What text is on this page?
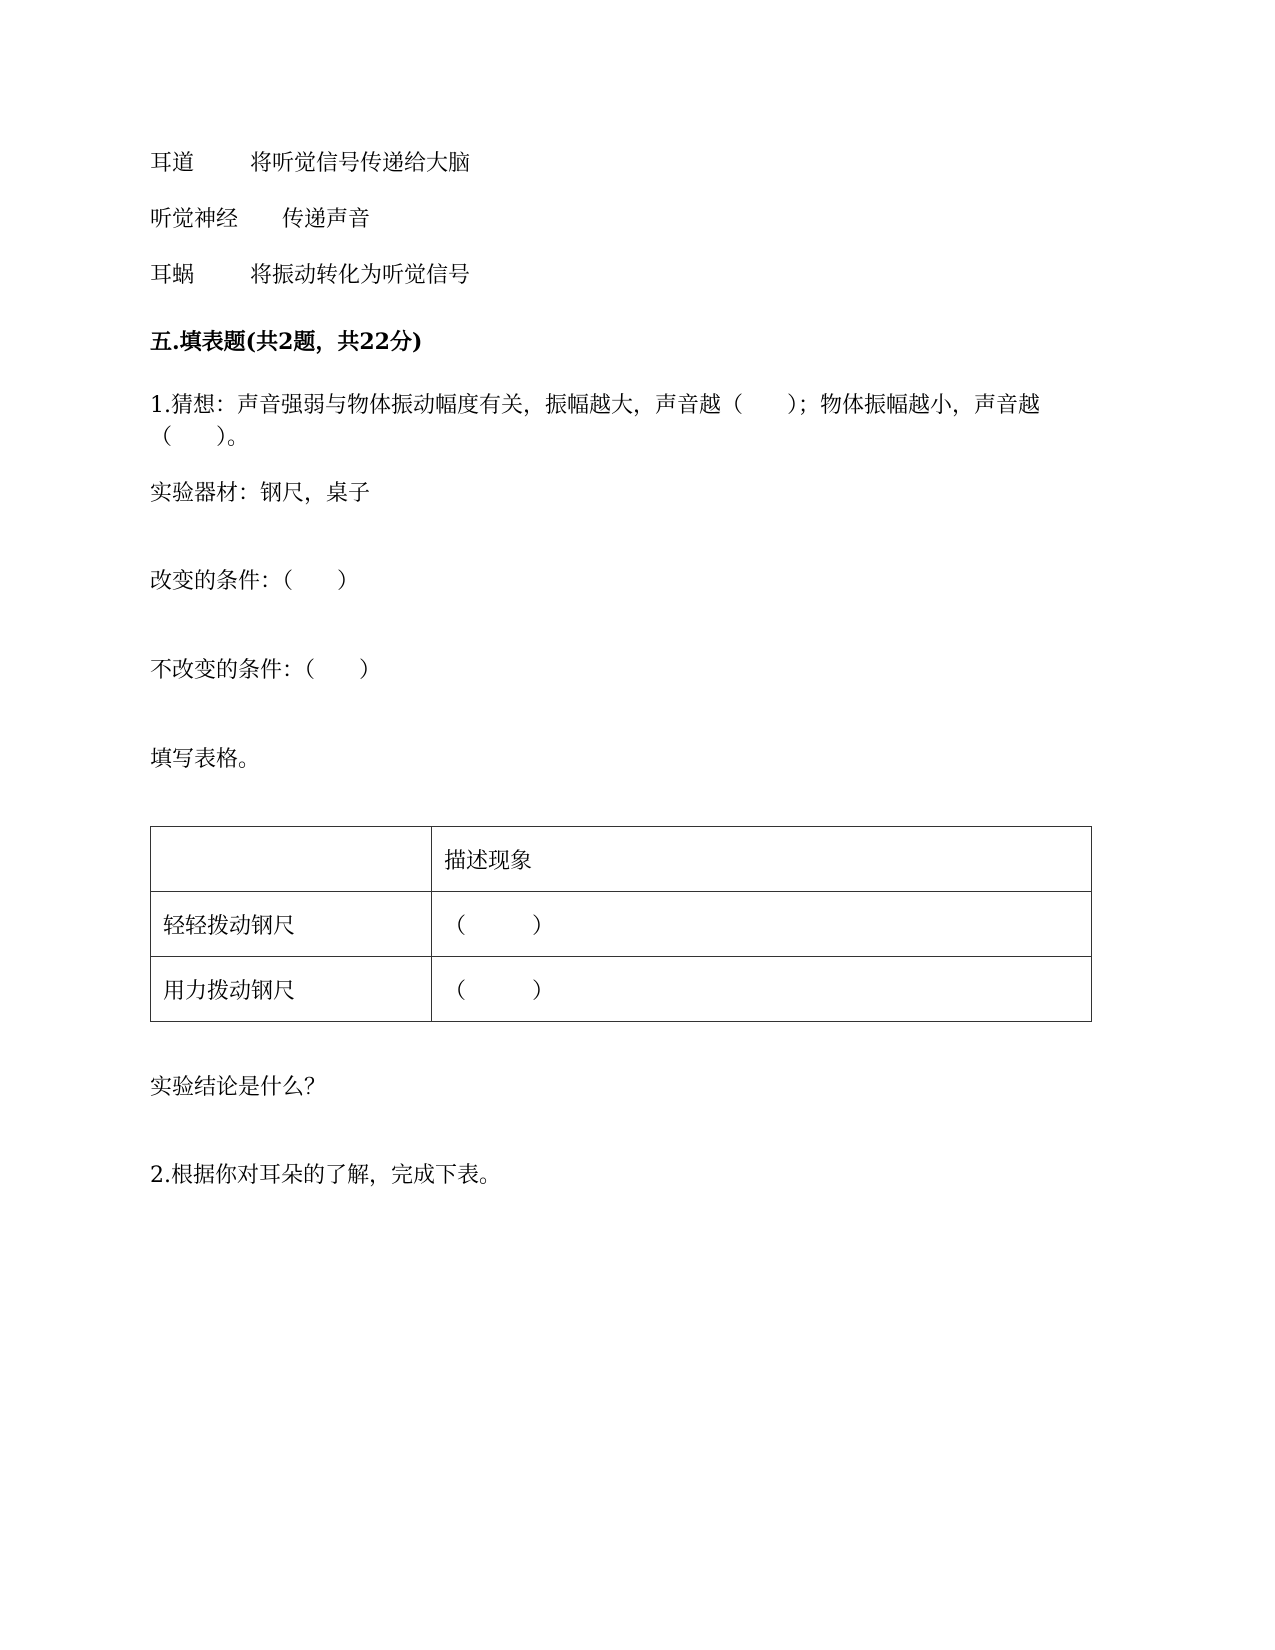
耳道	将听觉信号传递给大脑
听觉神经 传递声音
耳蜗	将振动转化为听觉信号
五.填表题(共2题，共22分)
1.猜想：声音强弱与物体振动幅度有关，振幅越大，声音越（　　）；物体振幅越小，声音越（　　）。
实验器材：钢尺，桌子
改变的条件：（　　）
不改变的条件：（　　）
填写表格。
	描述现象
轻轻拨动钢尺	（　　　）
用力拨动钢尺	（　　　）
实验结论是什么？
2.根据你对耳朵的了解，完成下表。
